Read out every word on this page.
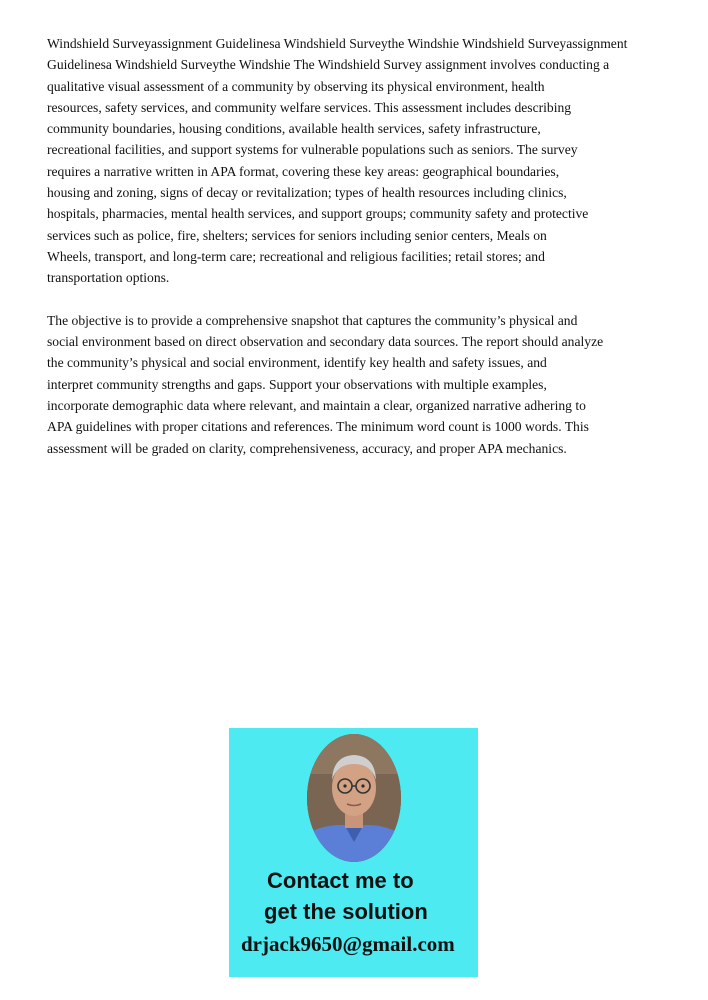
Windshield Surveyassignment Guidelinesa Windshield Surveythe Windshie Windshield Surveyassignment
Guidelinesa Windshield Surveythe Windshie The Windshield Survey assignment involves conducting a
qualitative visual assessment of a community by observing its physical environment, health
resources, safety services, and community welfare services. This assessment includes describing
community boundaries, housing conditions, available health services, safety infrastructure,
recreational facilities, and support systems for vulnerable populations such as seniors. The survey
requires a narrative written in APA format, covering these key areas: geographical boundaries,
housing and zoning, signs of decay or revitalization; types of health resources including clinics,
hospitals, pharmacies, mental health services, and support groups; community safety and protective
services such as police, fire, shelters; services for seniors including senior centers, Meals on
Wheels, transport, and long-term care; recreational and religious facilities; retail stores; and
transportation options.
The objective is to provide a comprehensive snapshot that captures the community’s physical and
social environment based on direct observation and secondary data sources. The report should analyze
the community’s physical and social environment, identify key health and safety issues, and
interpret community strengths and gaps. Support your observations with multiple examples,
incorporate demographic data where relevant, and maintain a clear, organized narrative adhering to
APA guidelines with proper citations and references. The minimum word count is 1000 words. This
assessment will be graded on clarity, comprehensiveness, accuracy, and proper APA mechanics.
Contact me to
get the solution
drjack9650@gmail.com
